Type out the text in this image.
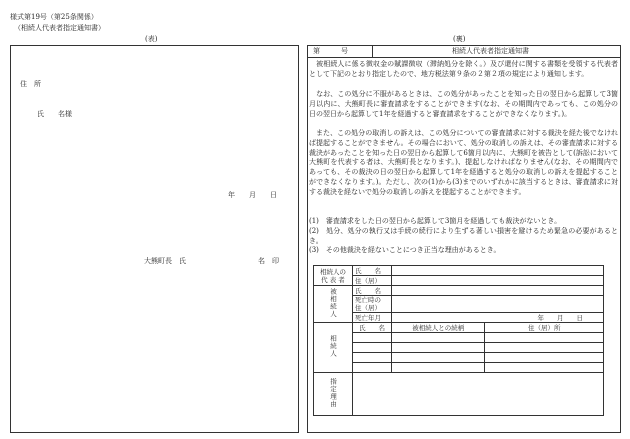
様式第19号（第25条関係）
（相続人代表者指定通知書）
(表)
住　所
氏　　名様
年　　月　　日
大熊町長　氏	名　印
(裏)
第　　　号	相続人代表者指定通知書
　被相続人に係る徴収金の賦課徴収（滞納処分を除く。）及び還付に関する書類を受領する代表者として下記のとおり指定したので、地方税法第９条の２第２項の規定により通知します。
　なお、この処分に不服があるときは、この処分があったことを知った日の翌日から起算して3箇月以内に、大熊町長に審査請求をすることができます(なお、その期間内であっても、この処分の日の翌日から起算して1年を経過すると審査請求をすることができなくなります。)。
　また、この処分の取消しの訴えは、この処分についての審査請求に対する裁決を経た後でなければ提起することができません。その場合において、処分の取消しの訴えは、その審査請求に対する裁決があったことを知った日の翌日から起算して6箇月以内に、大熊町を被告として(訴訟において大熊町を代表する者は、大熊町長となります。)、提起しなければなりません(なお、その期間内であっても、その裁決の日の翌日から起算して1年を経過すると処分の取消しの訴えを提起することができなくなります。)。ただし、次の(1)から(3)までのいずれかに該当するときは、審査請求に対する裁決を経ないで処分の取消しの訴えを提起することができます。
(1)　審査請求をした日の翌日から起算して3箇月を経過しても裁決がないとき。
(2)　処分、処分の執行又は手続の続行により生ずる著しい損害を避けるため緊急の必要があるとき。
(3)　その他裁決を経ないことにつき正当な理由があるとき。
相続人の
代 表 者	氏　　名		
	住（居）		
被相続人	氏　　名		

	死亡時の
住（居）		

	死亡年月	年　　月　　日	
相続人	氏　　名	被相続人との続柄	住（居）所

指定理由			
